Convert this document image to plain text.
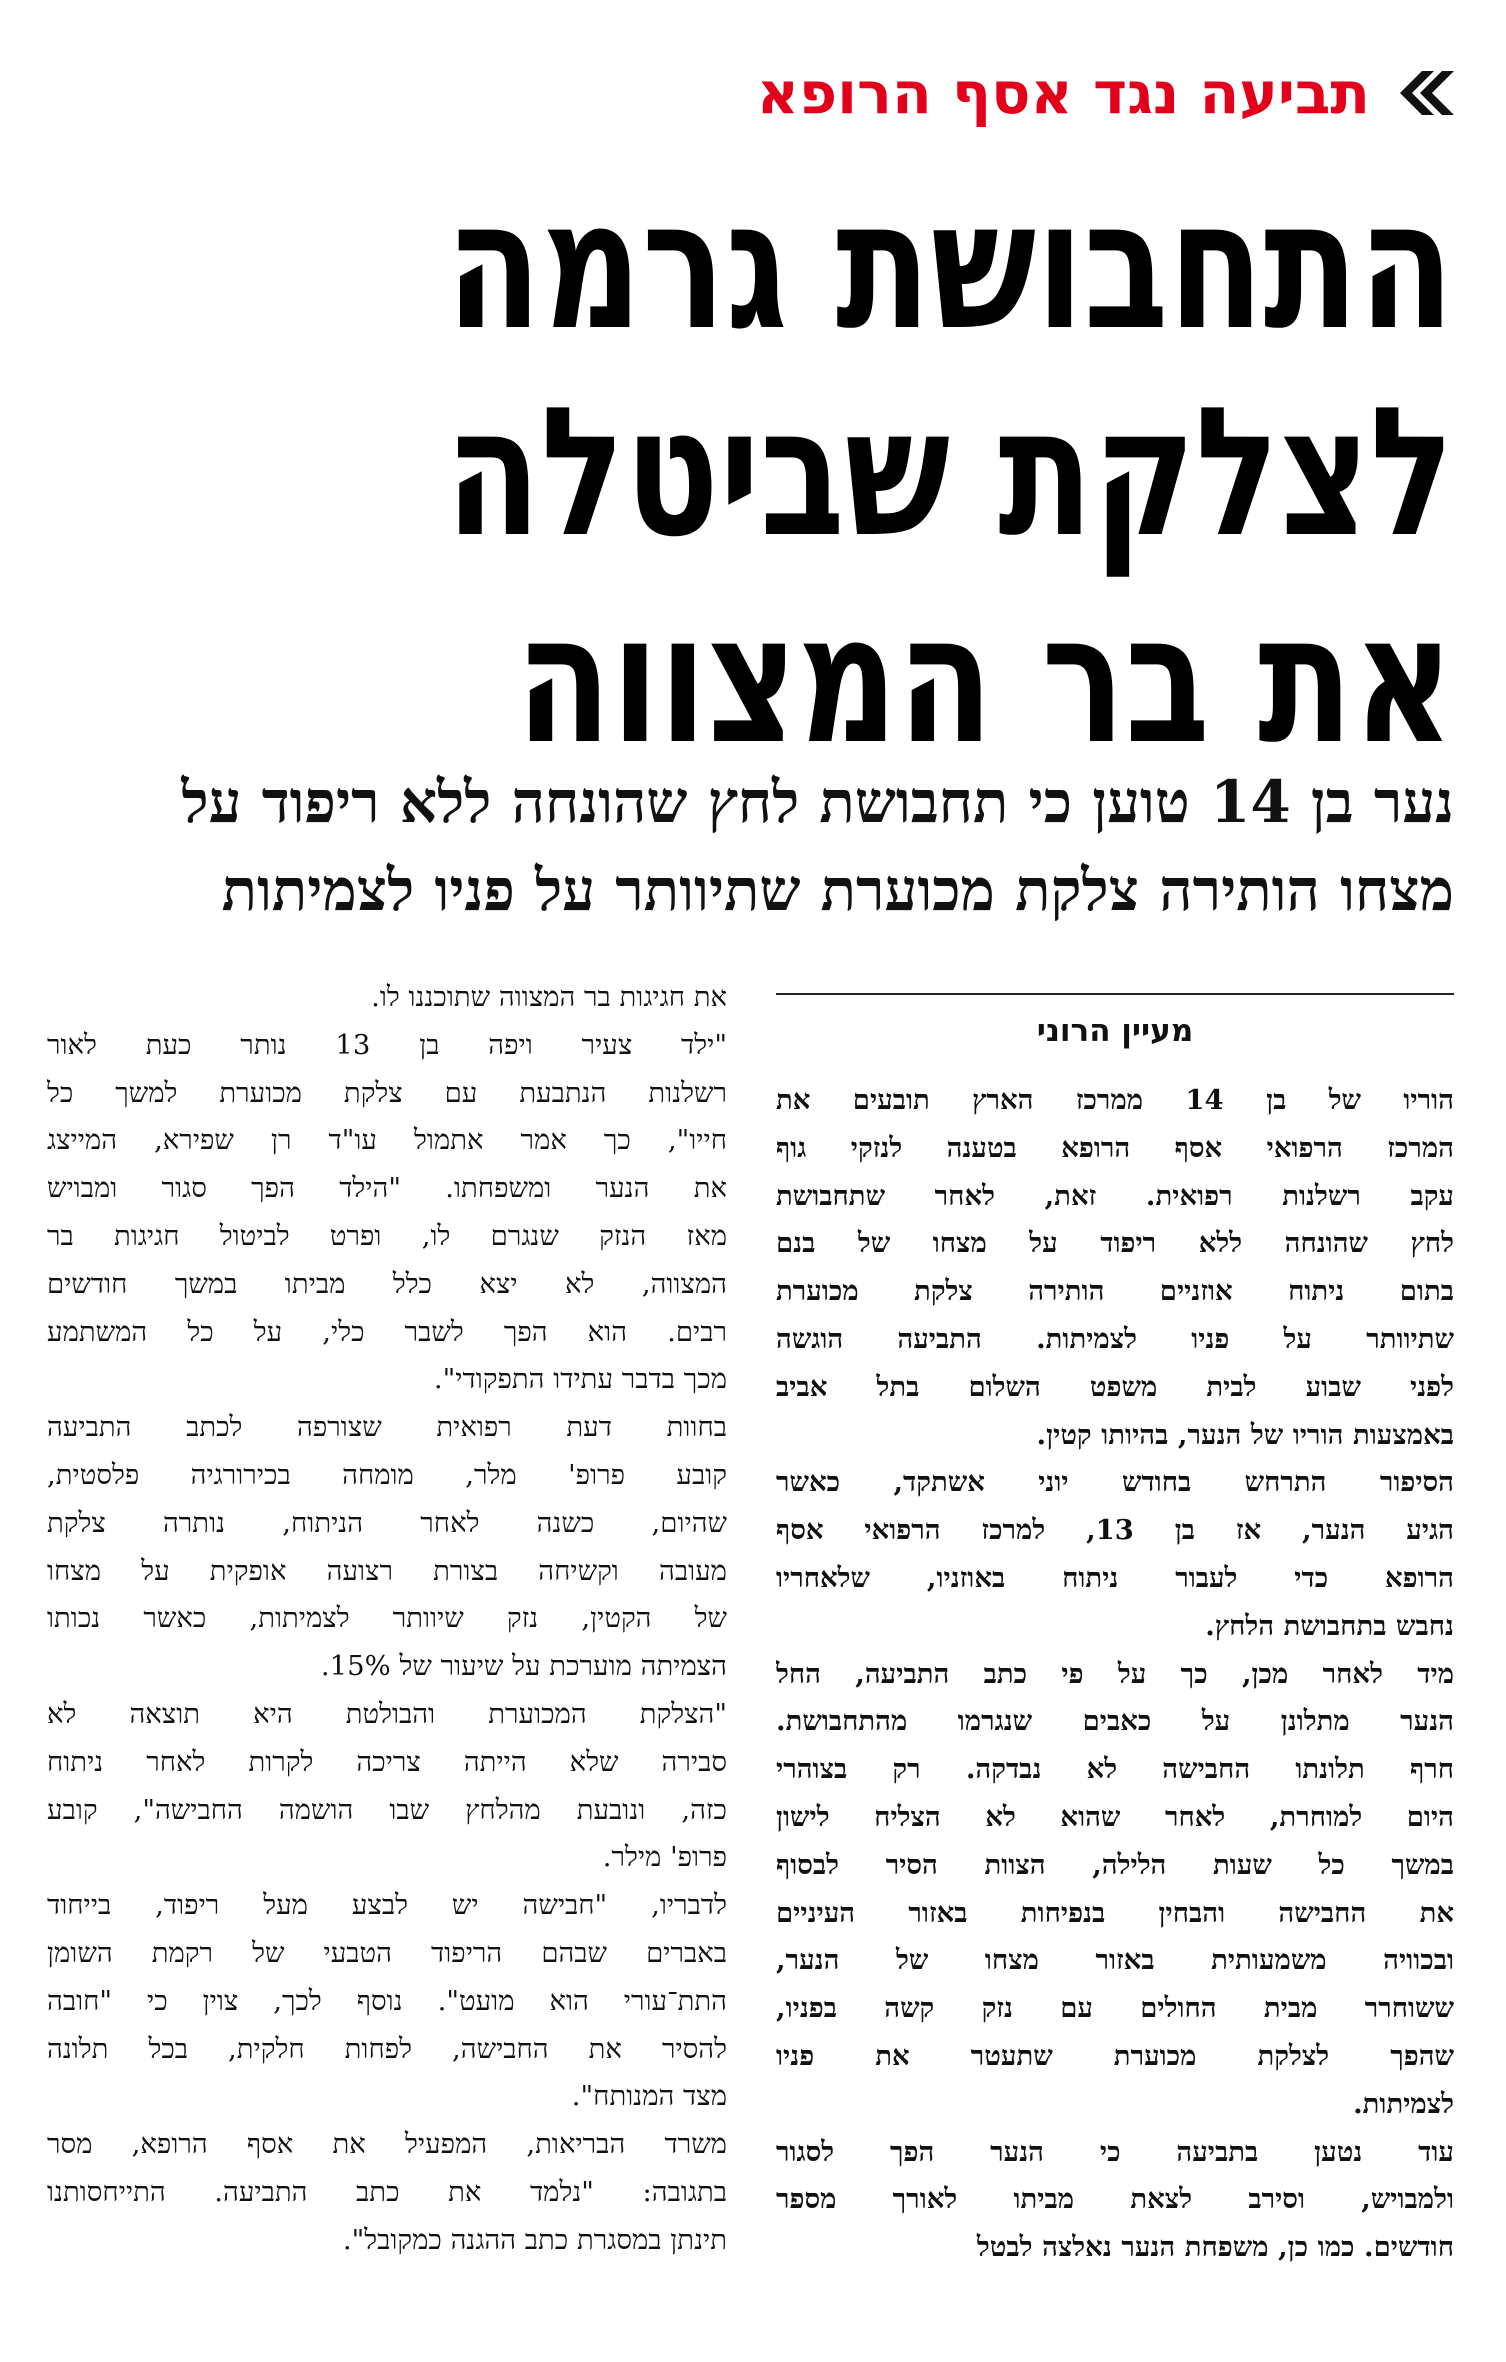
תביעה נגד אסף הרופא
התחבושת גרמה
לצלקת שביטלה
את בר המצווה
נער בן 14 טוען כי תחבושת לחץ שהונחה ללא ריפוד על
מצחו הותירה צלקת מכוערת שתיוותר על פניו לצמיתות
מעיין הרוני
הוריו של בן 14 ממרכז הארץ תובעים את
המרכז הרפואי אסף הרופא בטענה לנזקי גוף
עקב רשלנות רפואית. זאת, לאחר שתחבושת
לחץ שהונחה ללא ריפוד על מצחו של בנם
בתום ניתוח אוזניים הותירה צלקת מכוערת
שתיוותר על פניו לצמיתות. התביעה הוגשה
לפני שבוע לבית משפט השלום בתל אביב
באמצעות הוריו של הנער, בהיותו קטין.
הסיפור התרחש בחודש יוני אשתקד, כאשר
הגיע הנער, אז בן 13, למרכז הרפואי אסף
הרופא כדי לעבור ניתוח באוזניו, שלאחריו
נחבש בתחבושת הלחץ.
מיד לאחר מכן, כך על פי כתב התביעה, החל
הנער מתלונן על כאבים שנגרמו מהתחבושת.
חרף תלונתו החבישה לא נבדקה. רק בצוהרי
היום למוחרת, לאחר שהוא לא הצליח לישון
במשך כל שעות הלילה, הצוות הסיר לבסוף
את החבישה והבחין בנפיחות באזור העיניים
ובכוויה משמעותית באזור מצחו של הנער,
ששוחרר מבית החולים עם נזק קשה בפניו,
שהפך לצלקת מכוערת שתעטר את פניו
לצמיתות.
עוד נטען בתביעה כי הנער הפך לסגור
ולמבויש, וסירב לצאת מביתו לאורך מספר
חודשים. כמו כן, משפחת הנער נאלצה לבטל
את חגיגות בר המצווה שתוכננו לו.
"ילד צעיר ויפה בן 13 נותר כעת לאור
רשלנות הנתבעת עם צלקת מכוערת למשך כל
חייו", כך אמר אתמול עו"ד רן שפירא, המייצג
את הנער ומשפחתו. "הילד הפך סגור ומבויש
מאז הנזק שנגרם לו, ופרט לביטול חגיגות בר
המצווה, לא יצא כלל מביתו במשך חודשים
רבים. הוא הפך לשבר כלי, על כל המשתמע
מכך בדבר עתידו התפקודי".
בחוות דעת רפואית שצורפה לכתב התביעה
קובע פרופ' מלר, מומחה בכירורגיה פלסטית,
שהיום, כשנה לאחר הניתוח, נותרה צלקת
מעובה וקשיחה בצורת רצועה אופקית על מצחו
של הקטין, נזק שיוותר לצמיתות, כאשר נכותו
הצמיתה מוערכת על שיעור של 15%.
"הצלקת המכוערת והבולטת היא תוצאה לא
סבירה שלא הייתה צריכה לקרות לאחר ניתוח
כזה, ונובעת מהלחץ שבו הושמה החבישה", קובע
פרופ' מילר.
לדבריו, "חבישה יש לבצע מעל ריפוד, בייחוד
באברים שבהם הריפוד הטבעי של רקמת השומן
התת־עורי הוא מועט". נוסף לכך, צוין כי "חובה
להסיר את החבישה, לפחות חלקית, בכל תלונה
מצד המנותח".
משרד הבריאות, המפעיל את אסף הרופא, מסר
בתגובה: "נלמד את כתב התביעה. התייחסותנו
תינתן במסגרת כתב ההגנה כמקובל".
